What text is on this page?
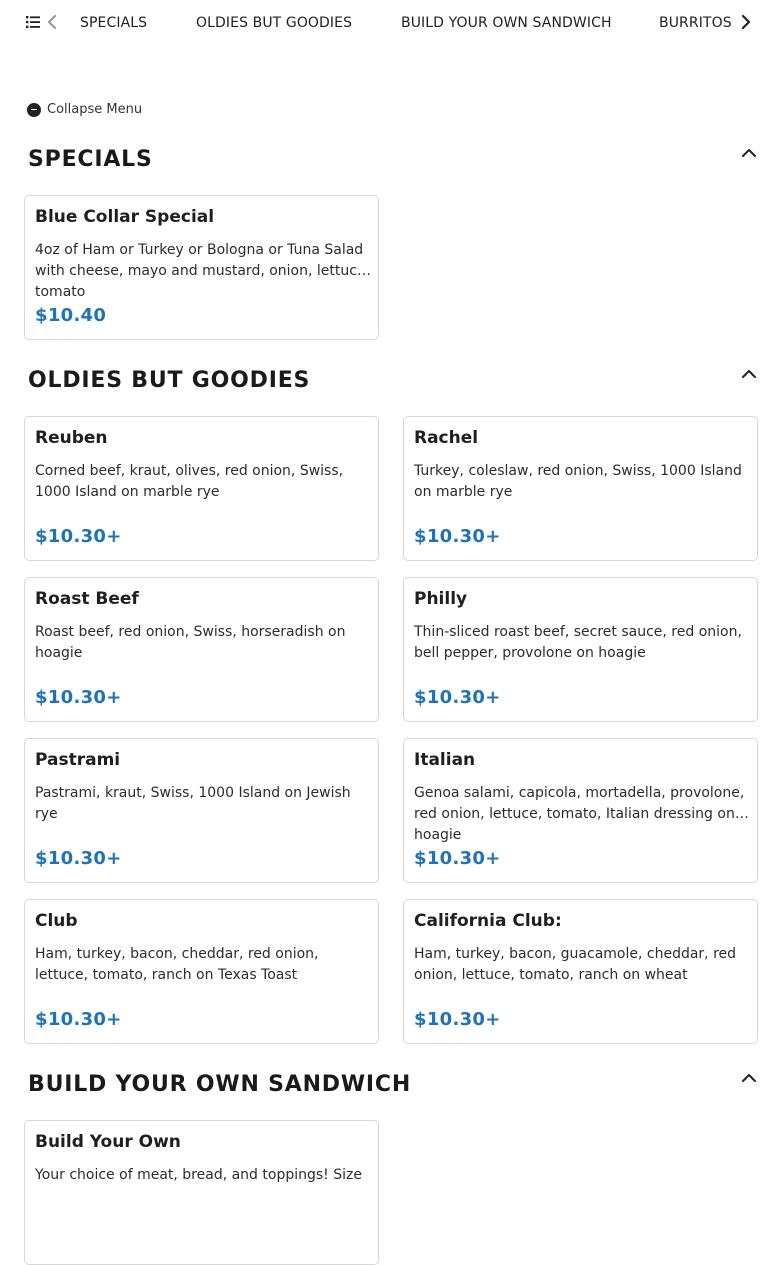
SPECIALS	OLDIES BUT GOODIES	BUILD YOUR OWN SANDWICH	BURRITOS
Collapse Menu
SPECIALS
Blue Collar Special
4oz of Ham or Turkey or Bologna or Tuna Salad with cheese, mayo and mustard, onion, lettuce, tomato
$10.40
OLDIES BUT GOODIES
Reuben
Corned beef, kraut, olives, red onion, Swiss, 1000 Island on marble rye
$10.30+
Rachel
Turkey, coleslaw, red onion, Swiss, 1000 Island on marble rye
$10.30+
Roast Beef
Roast beef, red onion, Swiss, horseradish on hoagie
$10.30+
Philly
Thin-sliced roast beef, secret sauce, red onion, bell pepper, provolone on hoagie
$10.30+
Pastrami
Pastrami, kraut, Swiss, 1000 Island on Jewish rye
$10.30+
Italian
Genoa salami, capicola, mortadella, provolone, red onion, lettuce, tomato, Italian dressing on hoagie
$10.30+
Club
Ham, turkey, bacon, cheddar, red onion, lettuce, tomato, ranch on Texas Toast
$10.30+
California Club:
Ham, turkey, bacon, guacamole, cheddar, red onion, lettuce, tomato, ranch on wheat
$10.30+
BUILD YOUR OWN SANDWICH
Build Your Own
Your choice of meat, bread, and toppings! Size
